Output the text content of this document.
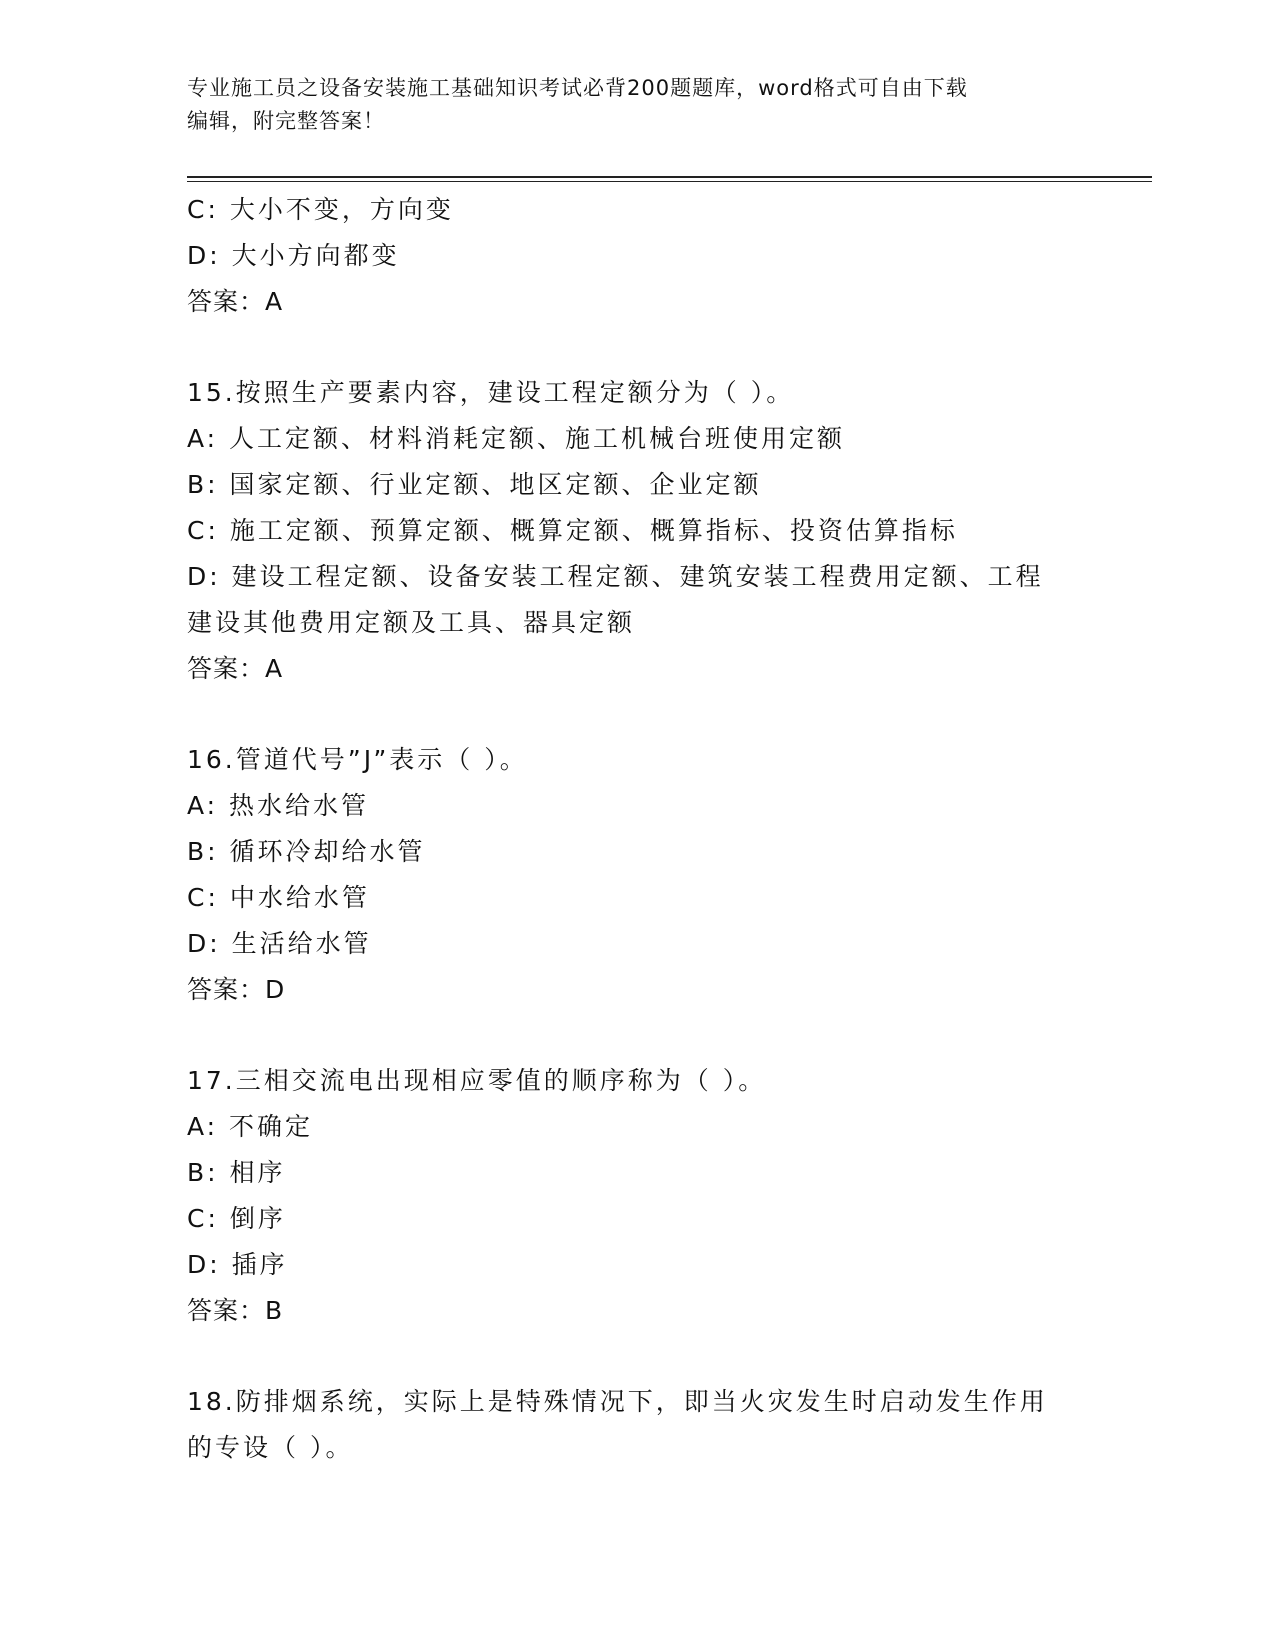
专业施工员之设备安装施工基础知识考试必背200题题库，word格式可自由下载
编辑，附完整答案！
C: 大小不变，方向变
D: 大小方向都变
答案：A
15.按照生产要素内容，建设工程定额分为（ ）。
A: 人工定额、材料消耗定额、施工机械台班使用定额
B: 国家定额、行业定额、地区定额、企业定额
C: 施工定额、预算定额、概算定额、概算指标、投资估算指标
D: 建设工程定额、设备安装工程定额、建筑安装工程费用定额、工程
建设其他费用定额及工具、器具定额
答案：A
16.管道代号”J”表示（ ）。
A: 热水给水管
B: 循环冷却给水管
C: 中水给水管
D: 生活给水管
答案：D
17.三相交流电出现相应零值的顺序称为（ ）。
A: 不确定
B: 相序
C: 倒序
D: 插序
答案：B
18.防排烟系统，实际上是特殊情况下，即当火灾发生时启动发生作用
的专设（ ）。
